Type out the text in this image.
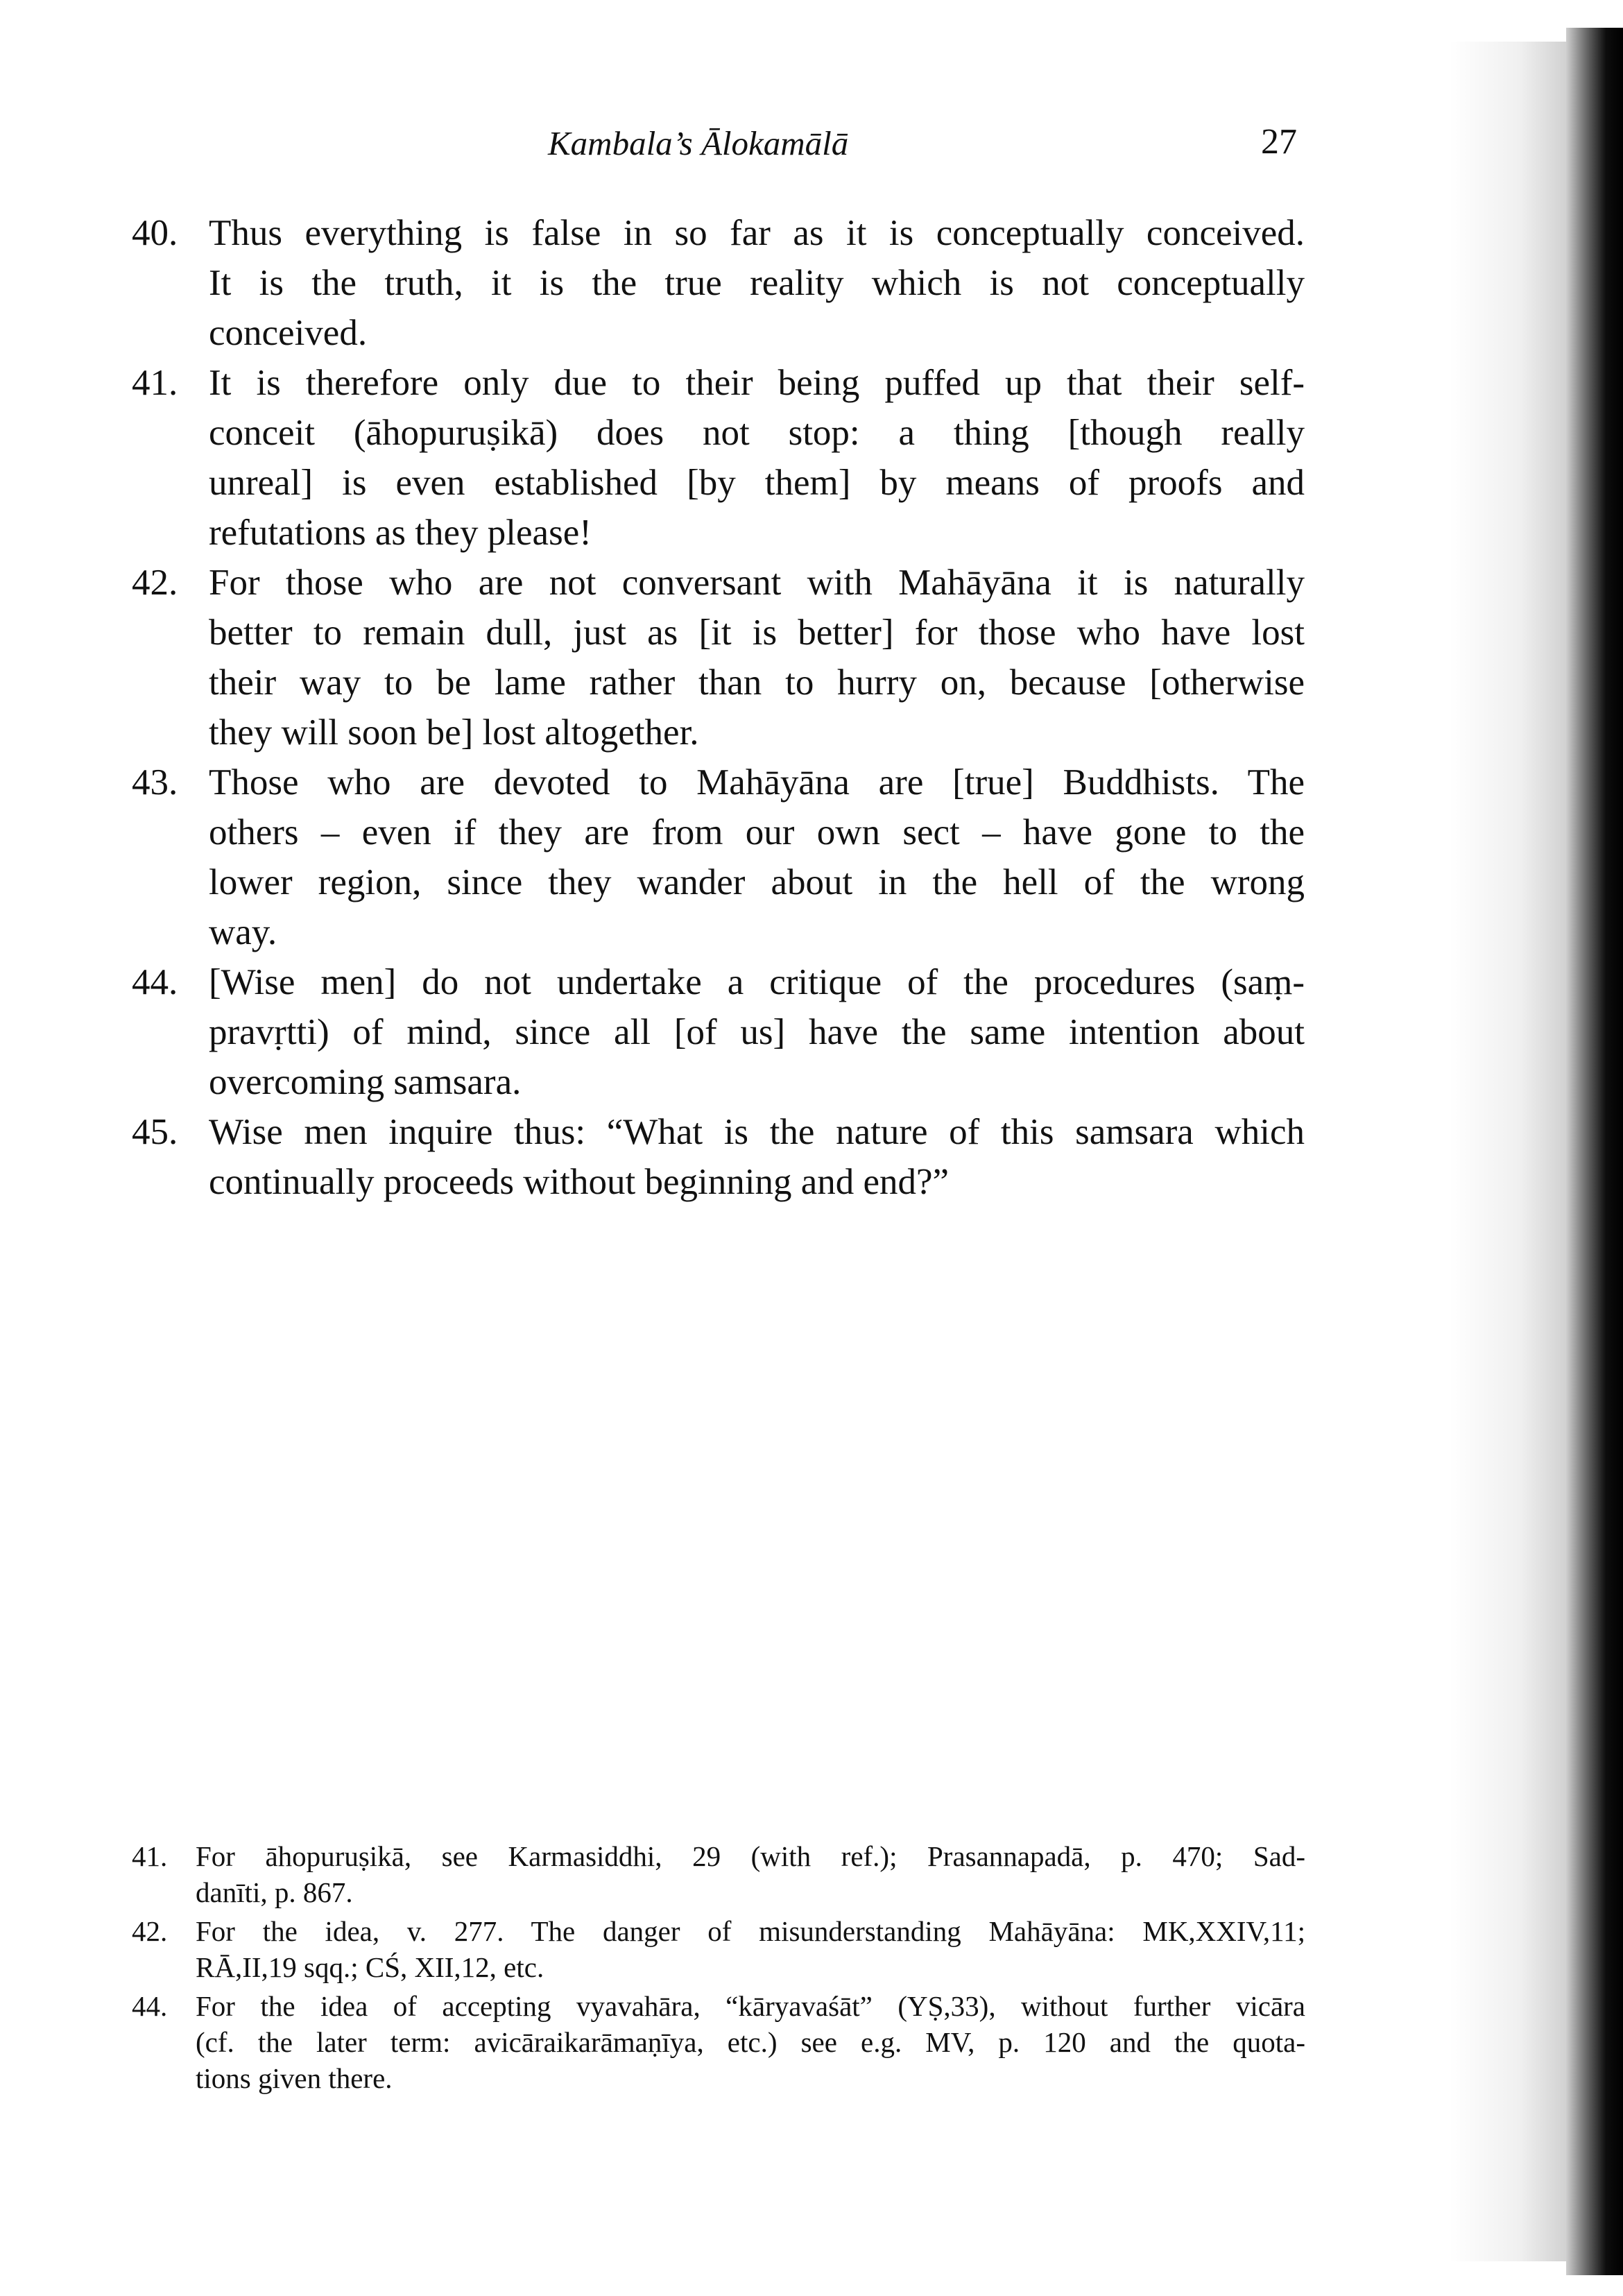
Kambala’s Ālokamālā	27
40. Thus everything is false in so far as it is conceptually conceived.
It is the truth, it is the true reality which is not conceptually
conceived.
41. It is therefore only due to their being puffed up that their self-
conceit (āhopuruṣikā) does not stop: a thing [though really
unreal] is even established [by them] by means of proofs and
refutations as they please!
42. For those who are not conversant with Mahāyāna it is naturally
better to remain dull, just as [it is better] for those who have lost
their way to be lame rather than to hurry on, because [otherwise
they will soon be] lost altogether.
43. Those who are devoted to Mahāyāna are [true] Buddhists. The
others – even if they are from our own sect – have gone to the
lower region, since they wander about in the hell of the wrong
way.
44. [Wise men] do not undertake a critique of the procedures (saṃ-
pravṛtti) of mind, since all [of us] have the same intention about
overcoming samsara.
45. Wise men inquire thus: “What is the nature of this samsara which
continually proceeds without beginning and end?”
41. For āhopuruṣikā, see Karmasiddhi, 29 (with ref.); Prasannapadā, p. 470; Sad-
danīti, p. 867.
42. For the idea, v. 277. The danger of misunderstanding Mahāyāna: MK,XXIV,11;
RĀ,II,19 sqq.; CŚ, XII,12, etc.
44. For the idea of accepting vyavahāra, “kāryavaśāt” (YṢ,33), without further vicāra
(cf. the later term: avicāraikarāmaṇīya, etc.) see e.g. MV, p. 120 and the quota-
tions given there.
